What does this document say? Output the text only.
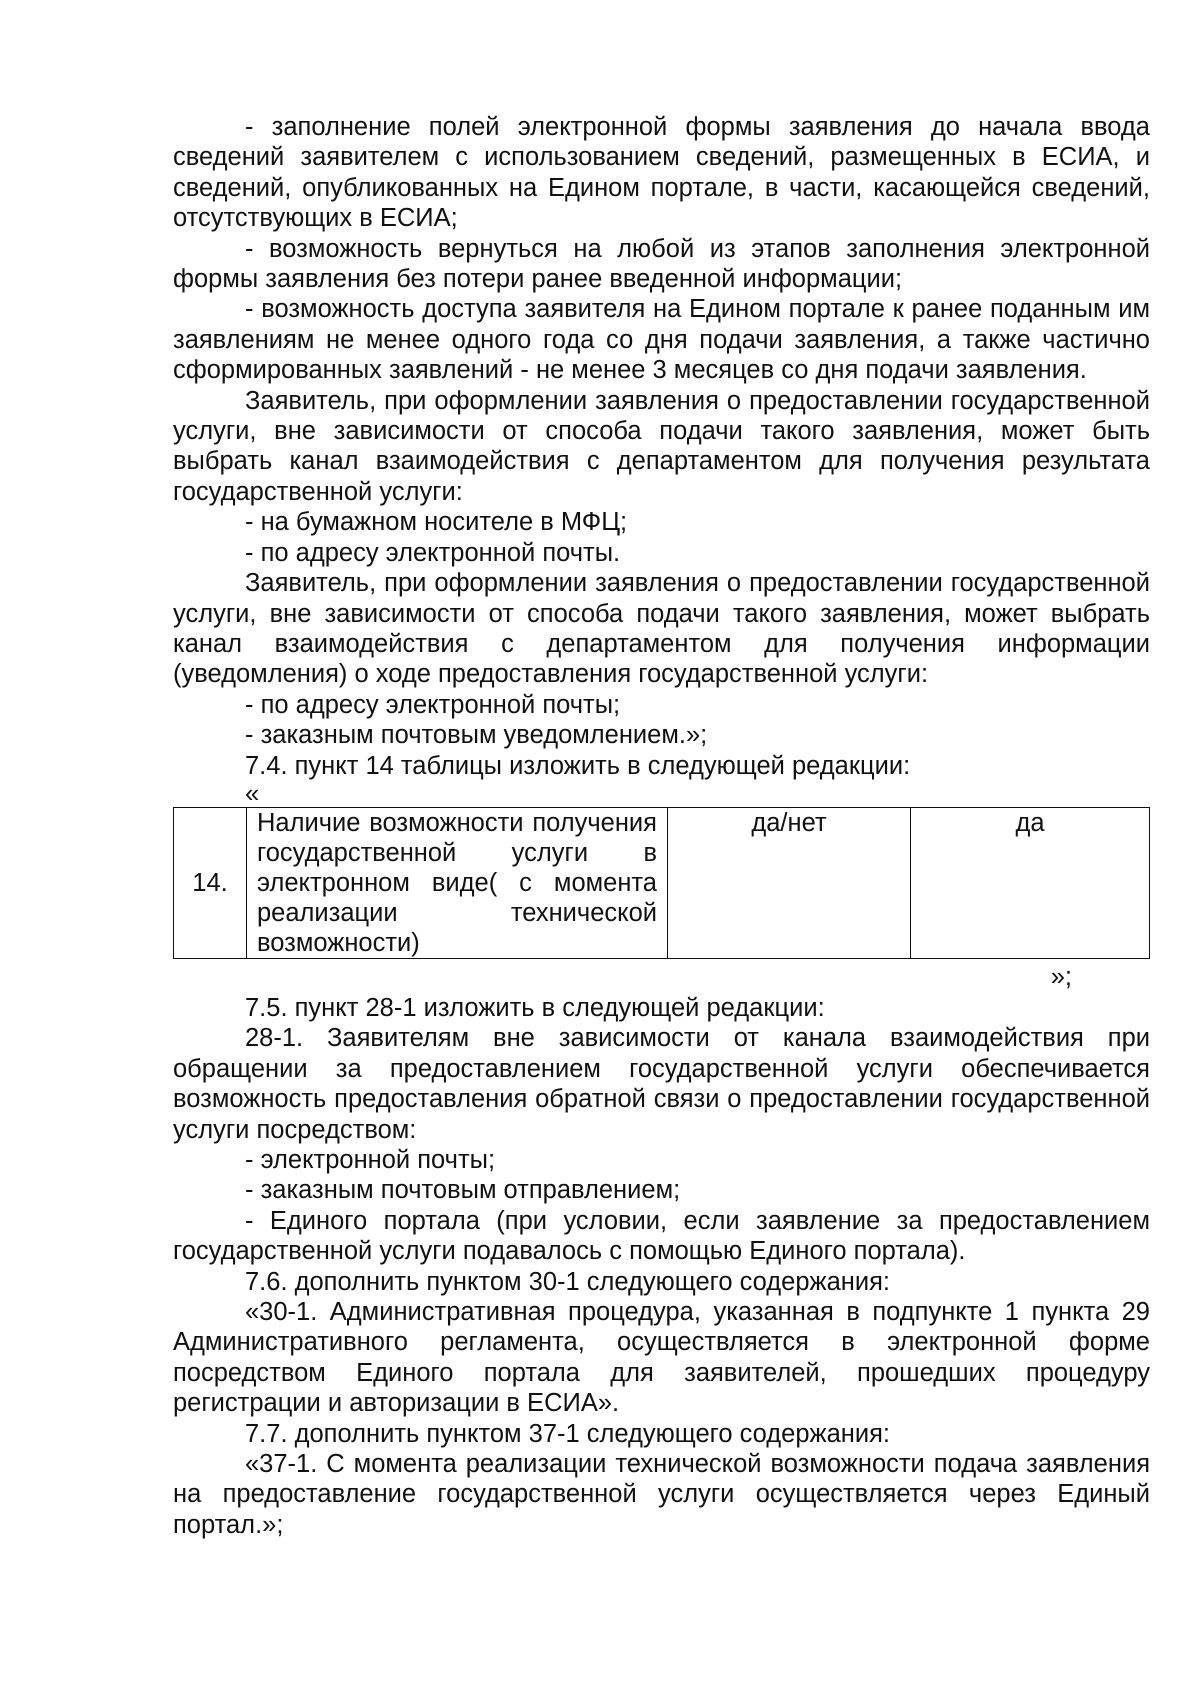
- заполнение полей электронной формы заявления до начала ввода сведений заявителем с использованием сведений, размещенных в ЕСИА, и сведений, опубликованных на Едином портале, в части, касающейся сведений, отсутствующих в ЕСИА;

- возможность вернуться на любой из этапов заполнения электронной формы заявления без потери ранее введенной информации;

- возможность доступа заявителя на Едином портале к ранее поданным им заявлениям не менее одного года со дня подачи заявления, а также частично сформированных заявлений - не менее 3 месяцев со дня подачи заявления.

Заявитель, при оформлении заявления о предоставлении государственной услуги, вне зависимости от способа подачи такого заявления, может быть выбрать канал взаимодействия с департаментом для получения результата государственной услуги:

- на бумажном носителе в МФЦ;
- по адресу электронной почты.

Заявитель, при оформлении заявления о предоставлении государственной услуги, вне зависимости от способа подачи такого заявления, может выбрать канал взаимодействия с департаментом для получения информации (уведомления) о ходе предоставления государственной услуги:

- по адресу электронной почты;
- заказным почтовым уведомлением.»;
7.4. пункт 14 таблицы изложить в следующей редакции:
«
14.	Наличие возможности получения государственной услуги в электронном виде( с момента реализации технической возможности)	да/нет	да
»;
7.5. пункт 28-1 изложить в следующей редакции:

28-1. Заявителям вне зависимости от канала взаимодействия при обращении за предоставлением государственной услуги обеспечивается возможность предоставления обратной связи о предоставлении государственной услуги посредством:

- электронной почты;
- заказным почтовым отправлением;

- Единого портала (при условии, если заявление за предоставлением государственной услуги подавалось с помощью Единого портала).

7.6. дополнить пунктом 30-1 следующего содержания:

«30-1. Административная процедура, указанная в подпункте 1 пункта 29 Административного регламента, осуществляется в электронной форме посредством Единого портала для заявителей, прошедших процедуру регистрации и авторизации в ЕСИА».

7.7. дополнить пунктом 37-1 следующего содержания:

«37-1. С момента реализации технической возможности подача заявления на предоставление государственной услуги осуществляется через Единый портал.»;
